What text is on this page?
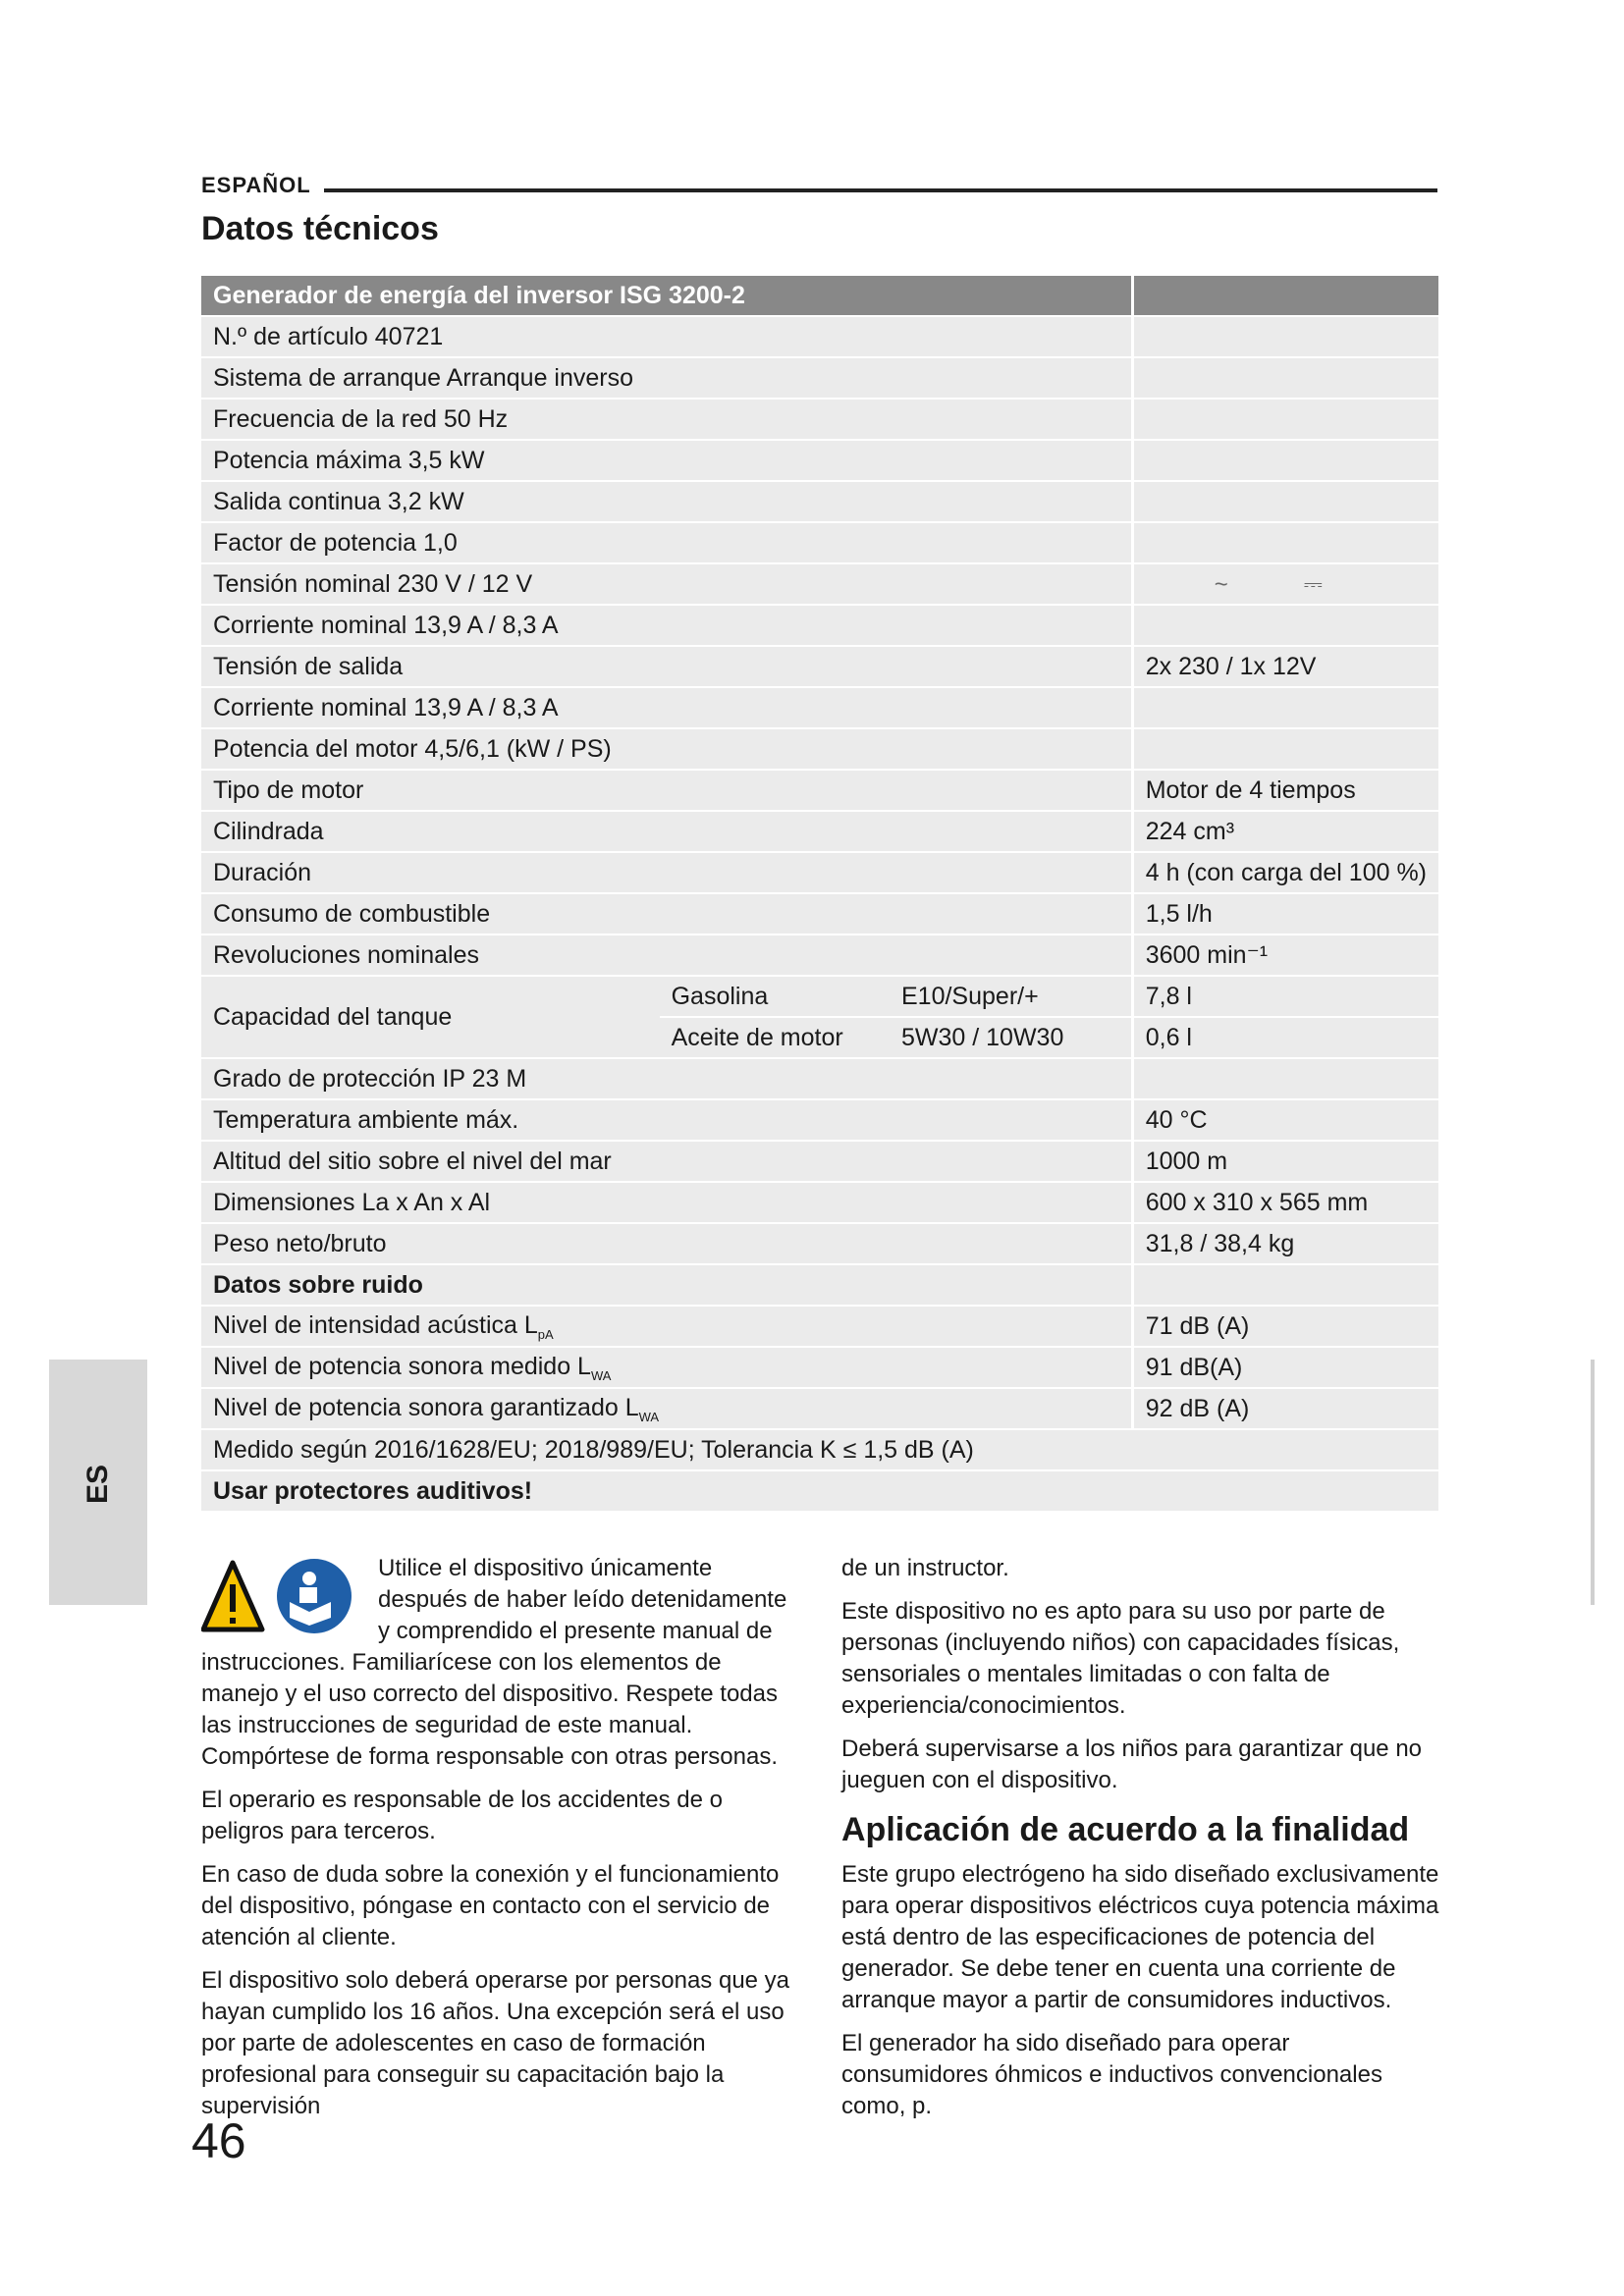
ESPAÑOL
Datos técnicos
Generador de energía del inversor ISG 3200-2			
N.º de artículo 40721			
Sistema de arranque Arranque inverso			
Frecuencia de la red 50 Hz			
Potencia máxima 3,5 kW			
Salida continua 3,2 kW			
Factor de potencia 1,0			
Tensión nominal 230 V / 12 V			~ ⎓
Corriente nominal 13,9 A / 8,3 A			
Tensión de salida			2x 230 / 1x 12V
Corriente nominal 13,9 A / 8,3 A			
Potencia del motor 4,5/6,1 (kW / PS)			
Tipo de motor			Motor de 4 tiempos
Cilindrada			224 cm³
Duración			4 h (con carga del 100 %)
Consumo de combustible			1,5 l/h
Revoluciones nominales			3600 min⁻¹
Capacidad del tanque	Gasolina	E10/Super/+	7,8 l
	Aceite de motor	5W30 / 10W30	0,6 l
Grado de protección IP 23 M			
Temperatura ambiente máx.			40 °C
Altitud del sitio sobre el nivel del mar			1000 m
Dimensiones La x An x Al			600 x 310 x 565 mm
Peso neto/bruto			31,8 / 38,4 kg
Datos sobre ruido			
Nivel de intensidad acústica $L_{pA}$			71 dB (A)
Nivel de potencia sonora medido $L_{WA}$			91 dB(A)
Nivel de potencia sonora garantizado $L_{WA}$			92 dB (A)
Medido según 2016/1628/EU; 2018/989/EU; Tolerancia K ≤ 1,5 dB (A)			
Usar protectores auditivos!			
ES

Utilice el dispositivo únicamente después de haber leído detenidamente y comprendido el presente manual de instrucciones. Familiarícese con los elementos de manejo y el uso correcto del dispositivo. Respete todas las instrucciones de seguridad de este manual. Compórtese de forma responsable con otras personas.

El operario es responsable de los accidentes de o peligros para terceros.

En caso de duda sobre la conexión y el funcionamiento del dispositivo, póngase en contacto con el servicio de atención al cliente.

El dispositivo solo deberá operarse por personas que ya hayan cumplido los 16 años. Una excepción será el uso por parte de adolescentes en caso de formación profesional para conseguir su capacitación bajo la supervisión

de un instructor.

Este dispositivo no es apto para su uso por parte de personas (incluyendo niños) con capacidades físicas, sensoriales o mentales limitadas o con falta de experiencia/conocimientos.

Deberá supervisarse a los niños para garantizar que no jueguen con el dispositivo.

Aplicación de acuerdo a la finalidad

Este grupo electrógeno ha sido diseñado exclusivamente para operar dispositivos eléctricos cuya potencia máxima está dentro de las especificaciones de potencia del generador. Se debe tener en cuenta una corriente de arranque mayor a partir de consumidores inductivos.

El generador ha sido diseñado para operar consumidores óhmicos e inductivos convencionales como, p.

46
